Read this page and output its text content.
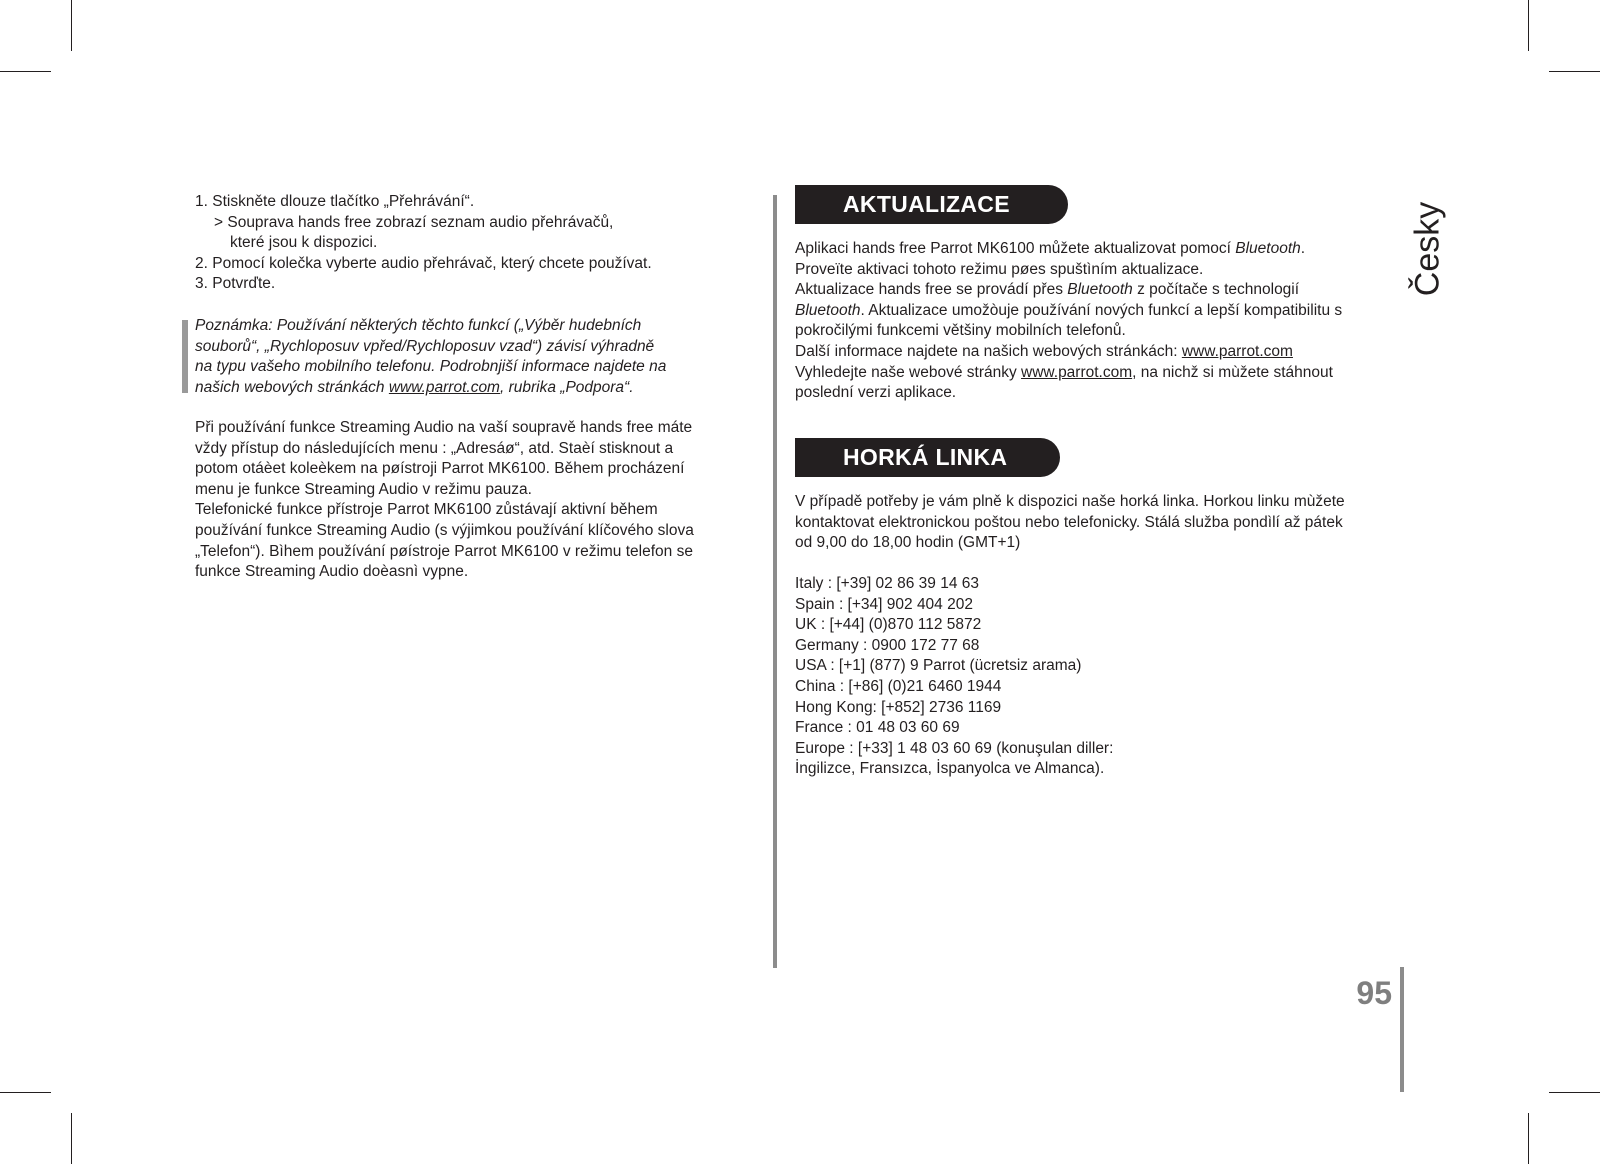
1. Stiskněte dlouze tlačítko „Přehrávání“.

> Souprava hands free zobrazí seznam audio přehrávačů,

které jsou k dispozici.

2. Pomocí kolečka vyberte audio přehrávač, který chcete používat.

3. Potvrďte.

Poznámka: Používání některých těchto funkcí („Výběr hudebních

souborů“, „Rychloposuv vpřed/Rychloposuv vzad“) závisí výhradně

na typu vašeho mobilního telefonu. Podrobnjiší informace najdete na

našich webových stránkách www.parrot.com, rubrika „Podpora“.

Při používání funkce Streaming Audio na vaší soupravě hands free máte

vždy přístup do následujících menu : „Adresáø“, atd. Staèí stisknout a

potom otáèet koleèkem na pøístroji Parrot MK6100. Během procházení

menu je funkce Streaming Audio v režimu pauza.

Telefonické funkce přístroje Parrot MK6100 zůstávají aktivní během

používání funkce Streaming Audio (s výjimkou používání klíčového slova

„Telefon“). Bìhem používání pøístroje Parrot MK6100 v režimu telefon se

funkce Streaming Audio doèasnì vypne.

AKTUALIZACE

Aplikaci hands free Parrot MK6100 můžete aktualizovat pomocí Bluetooth.

Proveïte aktivaci tohoto režimu pøes spuštìním aktualizace.

Aktualizace hands free se provádí přes Bluetooth z počítače s technologií

Bluetooth. Aktualizace umožòuje používání nových funkcí a lepší kompatibilitu s

pokročilými funkcemi většiny mobilních telefonů.

Další informace najdete na našich webových stránkách: www.parrot.com

Vyhledejte naše webové stránky www.parrot.com, na nichž si mùžete stáhnout

poslední verzi aplikace.

HORKÁ LINKA

V případě potřeby je vám plně k dispozici naše horká linka. Horkou linku mùžete

kontaktovat elektronickou poštou nebo telefonicky. Stálá služba pondìlí až pátek

od 9,00 do 18,00 hodin (GMT+1)

Italy : [+39] 02 86 39 14 63

Spain : [+34] 902 404 202

UK : [+44] (0)870 112 5872

Germany : 0900 172 77 68

USA : [+1] (877) 9 Parrot (ücretsiz arama)

China : [+86] (0)21 6460 1944

Hong Kong: [+852] 2736 1169

France : 01 48 03 60 69

Europe : [+33] 1 48 03 60 69 (konuşulan diller:

İngilizce, Fransızca, İspanyolca ve Almanca).

Česky
95
